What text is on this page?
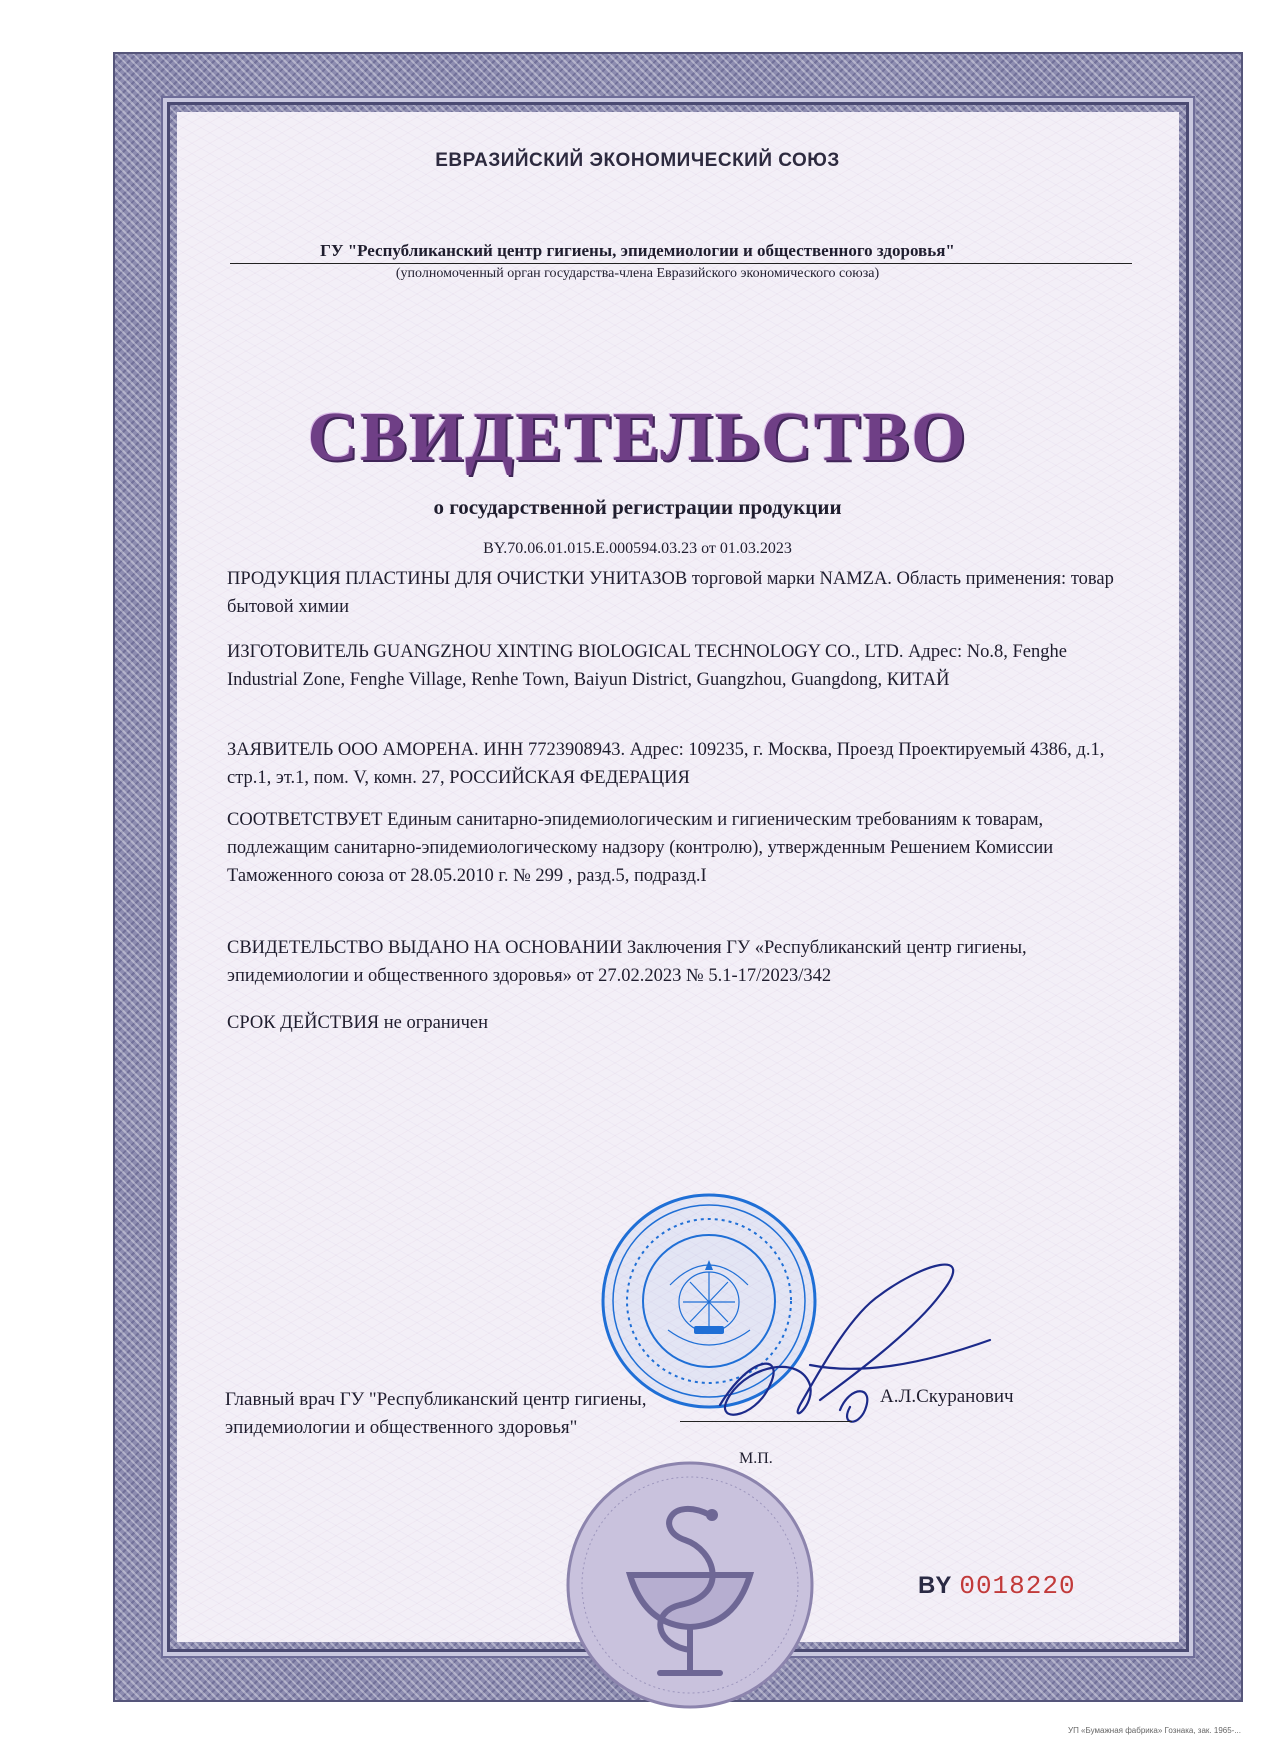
ЕВРАЗИЙСКИЙ ЭКОНОМИЧЕСКИЙ СОЮЗ
ГУ "Республиканский центр гигиены, эпидемиологии и общественного здоровья"
(уполномоченный орган государства-члена Евразийского экономического союза)
СВИДЕТЕЛЬСТВО
о государственной регистрации продукции
BY.70.06.01.015.E.000594.03.23 от 01.03.2023
ПРОДУКЦИЯ ПЛАСТИНЫ ДЛЯ ОЧИСТКИ УНИТАЗОВ торговой марки NAMZA. Область применения: товар бытовой химии
ИЗГОТОВИТЕЛЬ GUANGZHOU XINTING BIOLOGICAL TECHNOLOGY CO., LTD. Адрес: No.8, Fenghe Industrial Zone, Fenghe Village, Renhe Town, Baiyun District, Guangzhou, Guangdong, КИТАЙ
ЗАЯВИТЕЛЬ ООО АМОРЕНА. ИНН 7723908943. Адрес: 109235, г. Москва, Проезд Проектируемый 4386, д.1, стр.1, эт.1, пом. V, комн. 27, РОССИЙСКАЯ ФЕДЕРАЦИЯ
СООТВЕТСТВУЕТ Единым санитарно-эпидемиологическим и гигиеническим требованиям к товарам, подлежащим санитарно-эпидемиологическому надзору (контролю), утвержденным Решением Комиссии Таможенного союза от 28.05.2010 г. № 299 , разд.5, подразд.I
СВИДЕТЕЛЬСТВО ВЫДАНО НА ОСНОВАНИИ Заключения ГУ «Республиканский центр гигиены, эпидемиологии и общественного здоровья» от 27.02.2023 № 5.1-17/2023/342
СРОК ДЕЙСТВИЯ не ограничен
Главный врач ГУ "Республиканский центр гигиены, эпидемиологии и общественного здоровья"
А.Л.Скуранович
М.П.
BY 0018220
УП «Бумажная фабрика» Гознака, зак. 1965-...
